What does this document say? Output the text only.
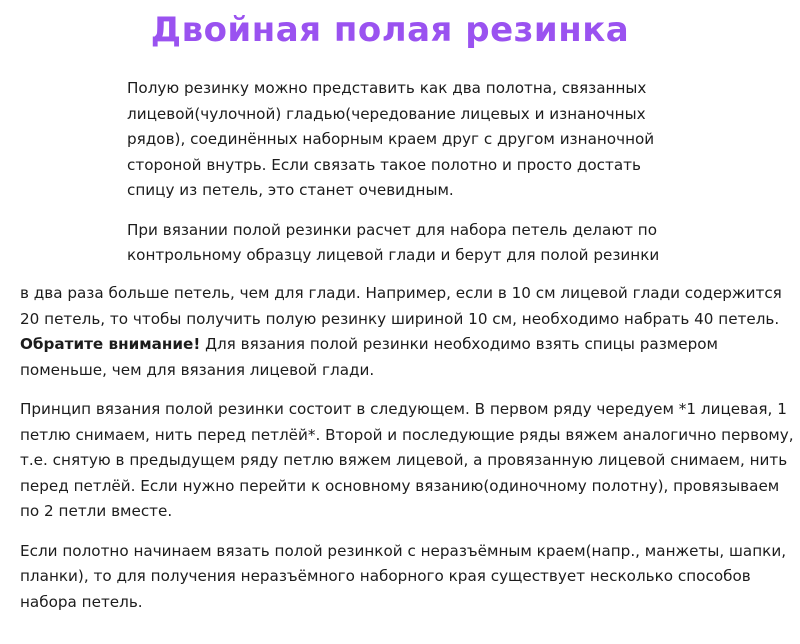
Двойная полая резинка

Полую резинку можно представить как два полотна, связанных
лицевой(чулочной) гладью(чередование лицевых и изнаночных
рядов), соединённых наборным краем друг с другом изнаночной
стороной внутрь. Если связать такое полотно и просто достать
спицу из петель, это станет очевидным.

При вязании полой резинки расчет для набора петель делают по
контрольному образцу лицевой глади и берут для полой резинки

в два раза больше петель, чем для глади. Например, если в 10 см лицевой глади содержится
20 петель, то чтобы получить полую резинку шириной 10 см, необходимо набрать 40 петель.
Обратите внимание! Для вязания полой резинки необходимо взять спицы размером
поменьше, чем для вязания лицевой глади.

Принцип вязания полой резинки состоит в следующем. В первом ряду чередуем *1 лицевая, 1
петлю снимаем, нить перед петлёй*. Второй и последующие ряды вяжем аналогично первому,
т.е. снятую в предыдущем ряду петлю вяжем лицевой, а провязанную лицевой снимаем, нить
перед петлёй. Если нужно перейти к основному вязанию(одиночному полотну), провязываем
по 2 петли вместе.

Если полотно начинаем вязать полой резинкой с неразъёмным краем(напр., манжеты, шапки,
планки), то для получения неразъёмного наборного края существует несколько способов
набора петель.
